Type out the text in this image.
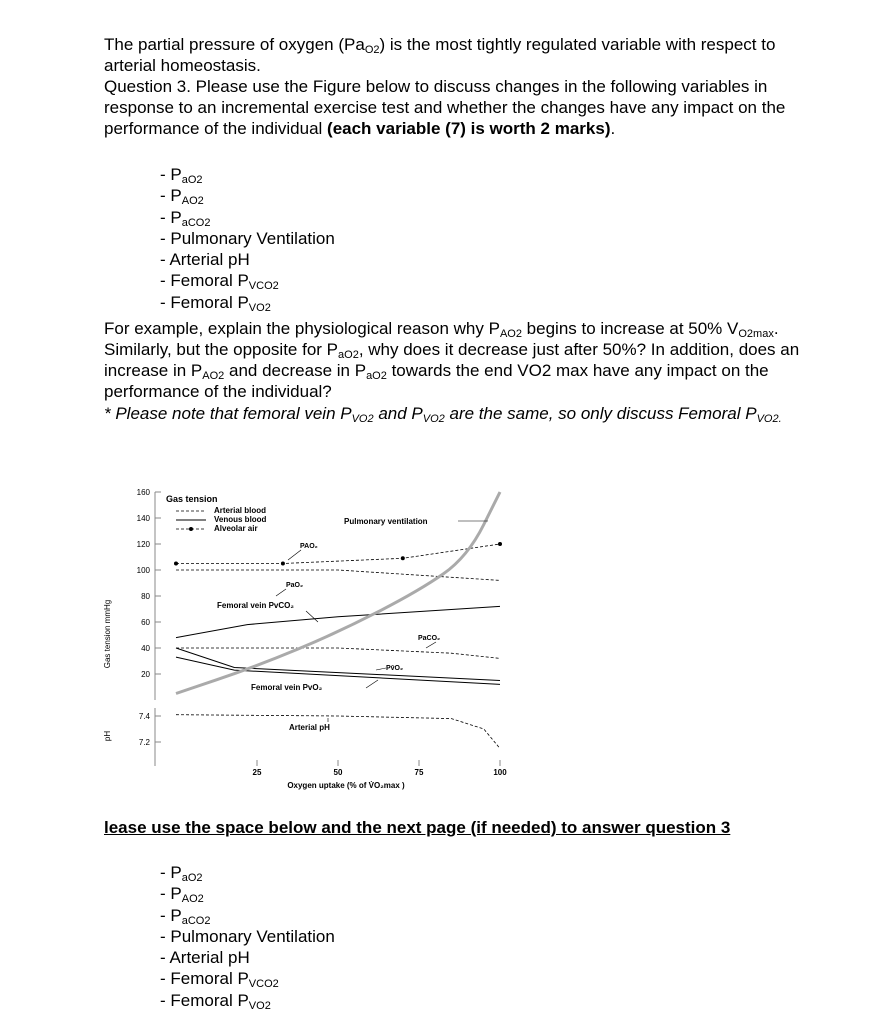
The partial pressure of oxygen $(Pa_{O2})$ is the most tightly regulated variable with respect to arterial homeostasis.
Question 3. Please use the Figure below to discuss changes in the following variables in response to an incremental exercise test and whether the changes have any impact on the performance of the individual (each variable (7) is worth 2 marks).
- $P_{aO2}$
- $P_{AO2}$
- $P_{aCO2}$
- Pulmonary Ventilation
- Arterial pH
- Femoral $P_{VCO2}$
- Femoral $P_{VO2}$
For example, explain the physiological reason why $P_{AO2}$ begins to increase at 50% $V_{O2max}$. Similarly, but the opposite for $P_{aO2}$, why does it decrease just after 50%? In addition, does an increase in $P_{AO2}$ and decrease in $P_{aO2}$ towards the end VO2 max have any impact on the performance of the individual?
* Please note that femoral vein $P_{VO2}$ and $P_{VO2}$ are the same, so only discuss Femoral $P_{VO2.}$
160
140
120
100
80
60
40
20
7.4
7.2
25	50	75	100
Gas tension mmHg
pH
Oxygen uptake (% of V̇O₂max )
Gas tension
Arterial blood
Venous blood
Alveolar air
Pulmonary ventilation
PAO₂
PaO₂
Femoral vein PvCO₂
PaCO₂
Pv̄O₂
Femoral vein PvO₂
Arterial pH
lease use the space below and the next page (if needed) to answer question 3
- $P_{aO2}$
- $P_{AO2}$
- $P_{aCO2}$
- Pulmonary Ventilation
- Arterial pH
- Femoral $P_{VCO2}$
- Femoral $P_{VO2}$
